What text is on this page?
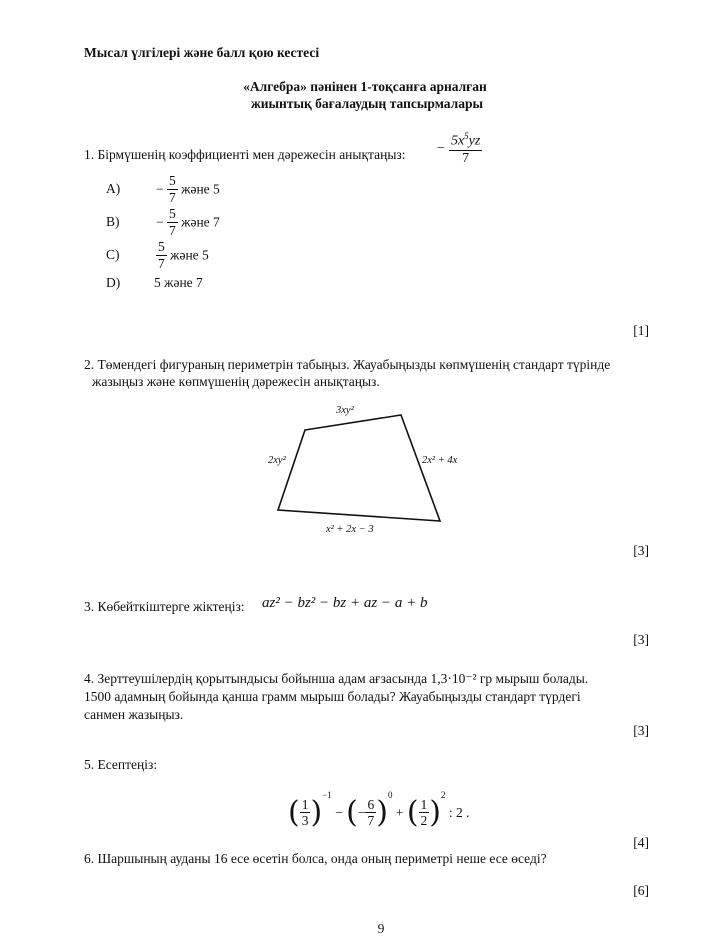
Мысал үлгілері және балл қою кестесі
«Алгебра» пәнінен 1-тоқсанға арналған
жиынтық бағалаудың тапсырмалары
1. Бірмүшенің коэффициенті мен дәрежесін анықтаңыз: − $\frac{5x^5yz}{7}$
A)	− $\frac{5}{7}$ және 5
B)	− $\frac{5}{7}$ және 7
C)	$\frac{5}{7}$ және 5
D)	5 және 7
[1]
2. Төмендегі фигураның периметрін табыңыз. Жауабыңызды көпмүшенің стандарт түрінде
жазыңыз және көпмүшенің дәрежесін анықтаңыз.
3xy²
2xy²	2x² + 4x
x² + 2x − 3
[3]
3. Көбейткіштерге жіктеңіз: az² − bz² − bz + az − a + b
[3]
4. Зерттеушілердің қорытындысы бойынша адам ағзасында 1,3·10⁻² гр мырыш болады.
1500 адамның бойында қанша грамм мырыш болады? Жауабыңызды стандарт түрдегі
санмен жазыңыз.
[3]
5. Есептеңіз:
( $\frac{1}{3} )^{-1}$ − (− $\frac{6}{7} )^0$ + ( $\frac{1}{2} )^2$ : 2 .
[4]
6. Шаршының ауданы 16 есе өсетін болса, онда оның периметрі неше есе өседі?
[6]
9
